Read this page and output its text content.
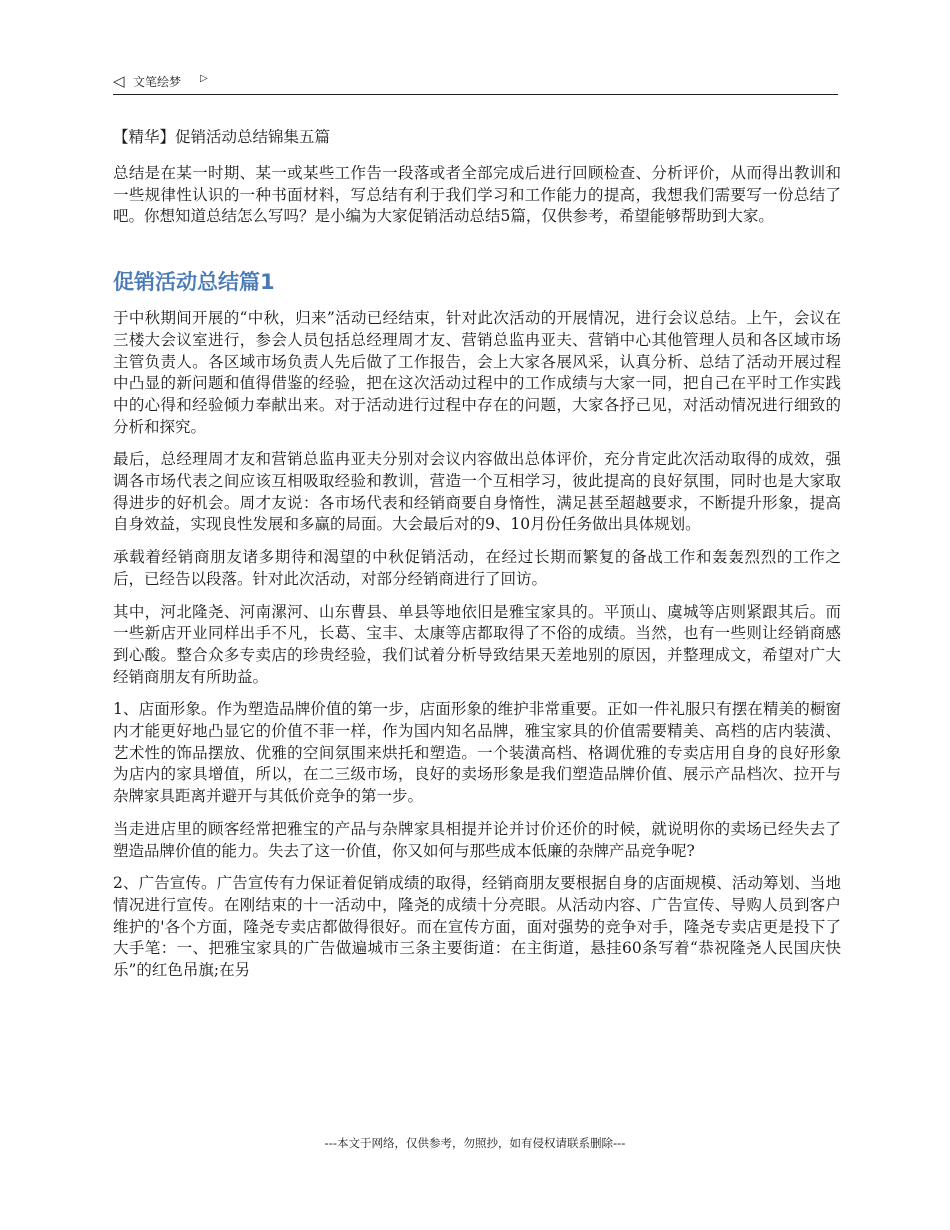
◁ 文笔绘梦 ▷
【精华】促销活动总结锦集五篇

总结是在某一时期、某一或某些工作告一段落或者全部完成后进行回顾检查、分析评价，从而得出教训和一些规律性认识的一种书面材料，写总结有利于我们学习和工作能力的提高，我想我们需要写一份总结了吧。你想知道总结怎么写吗？是小编为大家促销活动总结5篇，仅供参考，希望能够帮助到大家。

促销活动总结篇1

于中秋期间开展的“中秋，归来”活动已经结束，针对此次活动的开展情况，进行会议总结。上午，会议在三楼大会议室进行，参会人员包括总经理周才友、营销总监冉亚夫、营销中心其他管理人员和各区域市场主管负责人。各区域市场负责人先后做了工作报告，会上大家各展风采，认真分析、总结了活动开展过程中凸显的新问题和值得借鉴的经验，把在这次活动过程中的工作成绩与大家一同，把自己在平时工作实践中的心得和经验倾力奉献出来。对于活动进行过程中存在的问题，大家各抒己见，对活动情况进行细致的分析和探究。

最后，总经理周才友和营销总监冉亚夫分别对会议内容做出总体评价，充分肯定此次活动取得的成效，强调各市场代表之间应该互相吸取经验和教训，营造一个互相学习，彼此提高的良好氛围，同时也是大家取得进步的好机会。周才友说：各市场代表和经销商要自身惰性，满足甚至超越要求，不断提升形象，提高自身效益，实现良性发展和多赢的局面。大会最后对的9、10月份任务做出具体规划。

承载着经销商朋友诸多期待和渴望的中秋促销活动，在经过长期而繁复的备战工作和轰轰烈烈的工作之后，已经告以段落。针对此次活动，对部分经销商进行了回访。

其中，河北隆尧、河南漯河、山东曹县、单县等地依旧是雅宝家具的。平顶山、虞城等店则紧跟其后。而一些新店开业同样出手不凡，长葛、宝丰、太康等店都取得了不俗的成绩。当然，也有一些则让经销商感到心酸。整合众多专卖店的珍贵经验，我们试着分析导致结果天差地别的原因，并整理成文，希望对广大经销商朋友有所助益。

1、店面形象。作为塑造品牌价值的第一步，店面形象的维护非常重要。正如一件礼服只有摆在精美的橱窗内才能更好地凸显它的价值不菲一样，作为国内知名品牌，雅宝家具的价值需要精美、高档的店内装潢、艺术性的饰品摆放、优雅的空间氛围来烘托和塑造。一个装潢高档、格调优雅的专卖店用自身的良好形象为店内的家具增值，所以，在二三级市场，良好的卖场形象是我们塑造品牌价值、展示产品档次、拉开与杂牌家具距离并避开与其低价竞争的第一步。

当走进店里的顾客经常把雅宝的产品与杂牌家具相提并论并讨价还价的时候，就说明你的卖场已经失去了塑造品牌价值的能力。失去了这一价值，你又如何与那些成本低廉的杂牌产品竞争呢?

2、广告宣传。广告宣传有力保证着促销成绩的取得，经销商朋友要根据自身的店面规模、活动筹划、当地情况进行宣传。在刚结束的十一活动中，隆尧的成绩十分亮眼。从活动内容、广告宣传、导购人员到客户维护的'各个方面，隆尧专卖店都做得很好。而在宣传方面，面对强势的竞争对手，隆尧专卖店更是投下了大手笔：一、把雅宝家具的广告做遍城市三条主要街道：在主街道，悬挂60条写着“恭祝隆尧人民国庆快乐”的红色吊旗;在另

---本文于网络，仅供参考，勿照抄，如有侵权请联系删除---
